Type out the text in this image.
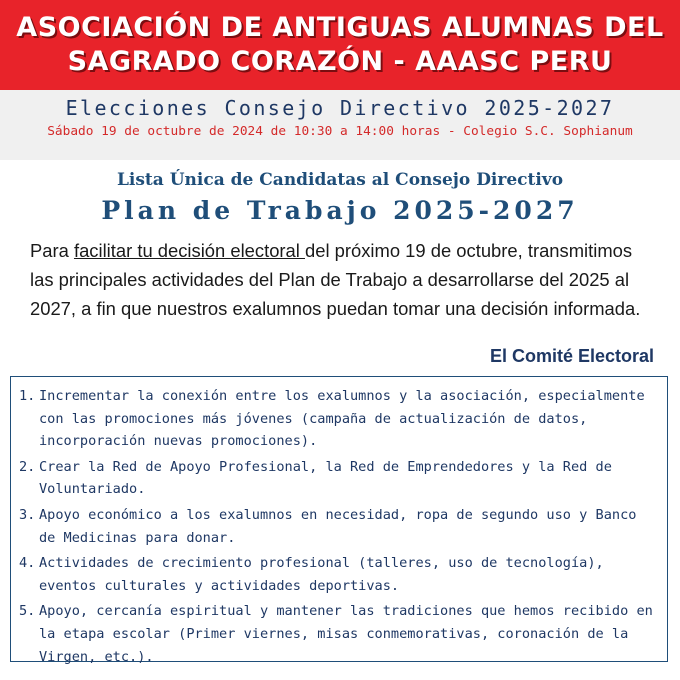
ASOCIACIÓN DE ANTIGUAS ALUMNAS DEL
SAGRADO CORAZÓN - AAASC PERU
Elecciones Consejo Directivo 2025-2027
Sábado 19 de octubre de 2024 de 10:30 a 14:00 horas - Colegio S.C. Sophianum
Lista Única de Candidatas al Consejo Directivo
Plan de Trabajo 2025-2027
Para facilitar tu decisión electoral del próximo 19 de octubre, transmitimos las principales actividades del Plan de Trabajo a desarrollarse del 2025 al 2027, a fin que nuestros exalumnos puedan tomar una decisión informada.
El Comité Electoral
1. Incrementar la conexión entre los exalumnos y la asociación, especialmente con las promociones más jóvenes (campaña de actualización de datos, incorporación nuevas promociones).
2. Crear la Red de Apoyo Profesional, la Red de Emprendedores y la Red de Voluntariado.
3. Apoyo económico a los exalumnos en necesidad, ropa de segundo uso y Banco de Medicinas para donar.
4. Actividades de crecimiento profesional (talleres, uso de tecnología), eventos culturales y actividades deportivas.
5. Apoyo, cercanía espiritual y mantener las tradiciones que hemos recibido en la etapa escolar (Primer viernes, misas conmemorativas, coronación de la Virgen, etc.).
